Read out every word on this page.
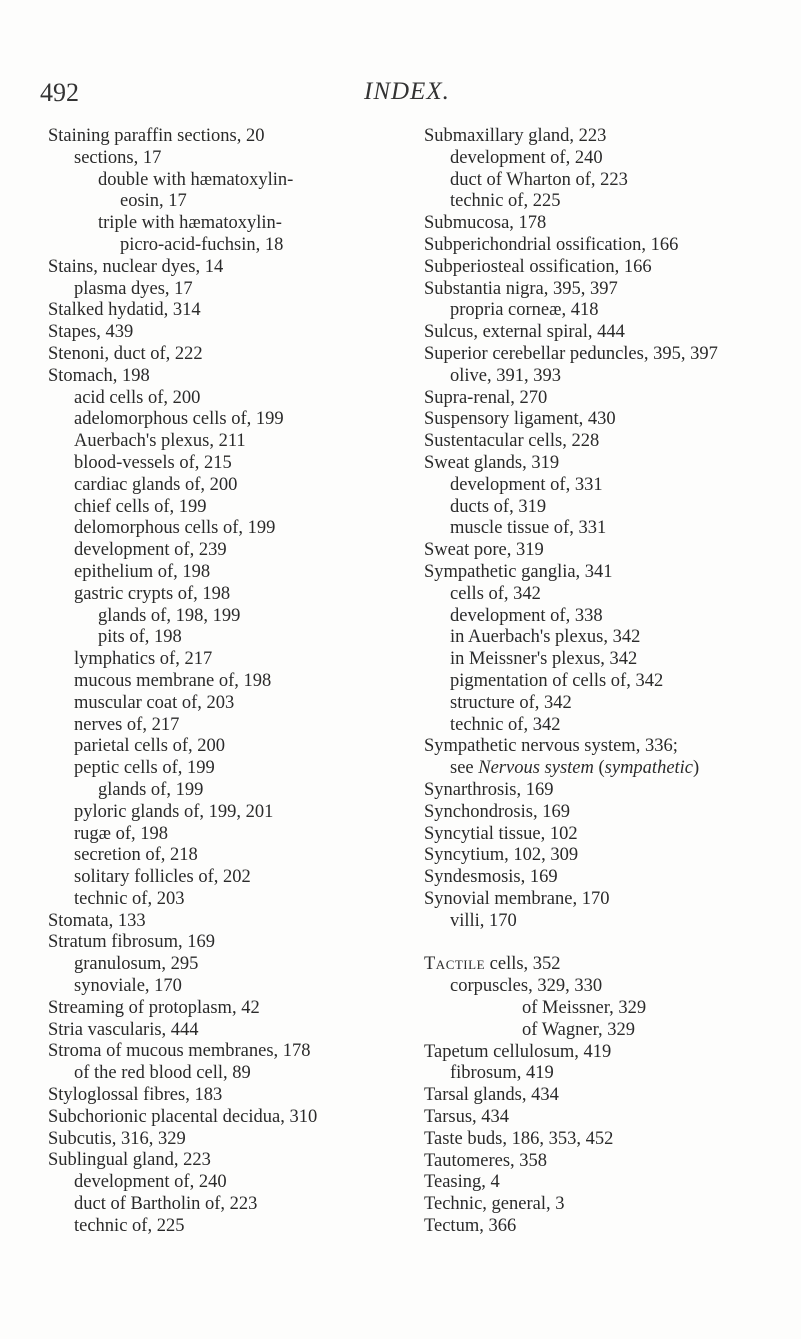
492	INDEX.
Staining paraffin sections, 20
sections, 17
double with hæmatoxylin-
eosin, 17
triple with hæmatoxylin-
picro-acid-fuchsin, 18
Stains, nuclear dyes, 14
plasma dyes, 17
Stalked hydatid, 314
Stapes, 439
Stenoni, duct of, 222
Stomach, 198
acid cells of, 200
adelomorphous cells of, 199
Auerbach's plexus, 211
blood-vessels of, 215
cardiac glands of, 200
chief cells of, 199
delomorphous cells of, 199
development of, 239
epithelium of, 198
gastric crypts of, 198
glands of, 198, 199
pits of, 198
lymphatics of, 217
mucous membrane of, 198
muscular coat of, 203
nerves of, 217
parietal cells of, 200
peptic cells of, 199
glands of, 199
pyloric glands of, 199, 201
rugæ of, 198
secretion of, 218
solitary follicles of, 202
technic of, 203
Stomata, 133
Stratum fibrosum, 169
granulosum, 295
synoviale, 170
Streaming of protoplasm, 42
Stria vascularis, 444
Stroma of mucous membranes, 178
of the red blood cell, 89
Styloglossal fibres, 183
Subchorionic placental decidua, 310
Subcutis, 316, 329
Sublingual gland, 223
development of, 240
duct of Bartholin of, 223
technic of, 225
Submaxillary gland, 223
development of, 240
duct of Wharton of, 223
technic of, 225
Submucosa, 178
Subperichondrial ossification, 166
Subperiosteal ossification, 166
Substantia nigra, 395, 397
propria corneæ, 418
Sulcus, external spiral, 444
Superior cerebellar peduncles, 395, 397
olive, 391, 393
Supra-renal, 270
Suspensory ligament, 430
Sustentacular cells, 228
Sweat glands, 319
development of, 331
ducts of, 319
muscle tissue of, 331
Sweat pore, 319
Sympathetic ganglia, 341
cells of, 342
development of, 338
in Auerbach's plexus, 342
in Meissner's plexus, 342
pigmentation of cells of, 342
structure of, 342
technic of, 342
Sympathetic nervous system, 336;
see Nervous system (sympathetic)
Synarthrosis, 169
Synchondrosis, 169
Syncytial tissue, 102
Syncytium, 102, 309
Syndesmosis, 169
Synovial membrane, 170
villi, 170
Tactile cells, 352
corpuscles, 329, 330
of Meissner, 329
of Wagner, 329
Tapetum cellulosum, 419
fibrosum, 419
Tarsal glands, 434
Tarsus, 434
Taste buds, 186, 353, 452
Tautomeres, 358
Teasing, 4
Technic, general, 3
Tectum, 366
